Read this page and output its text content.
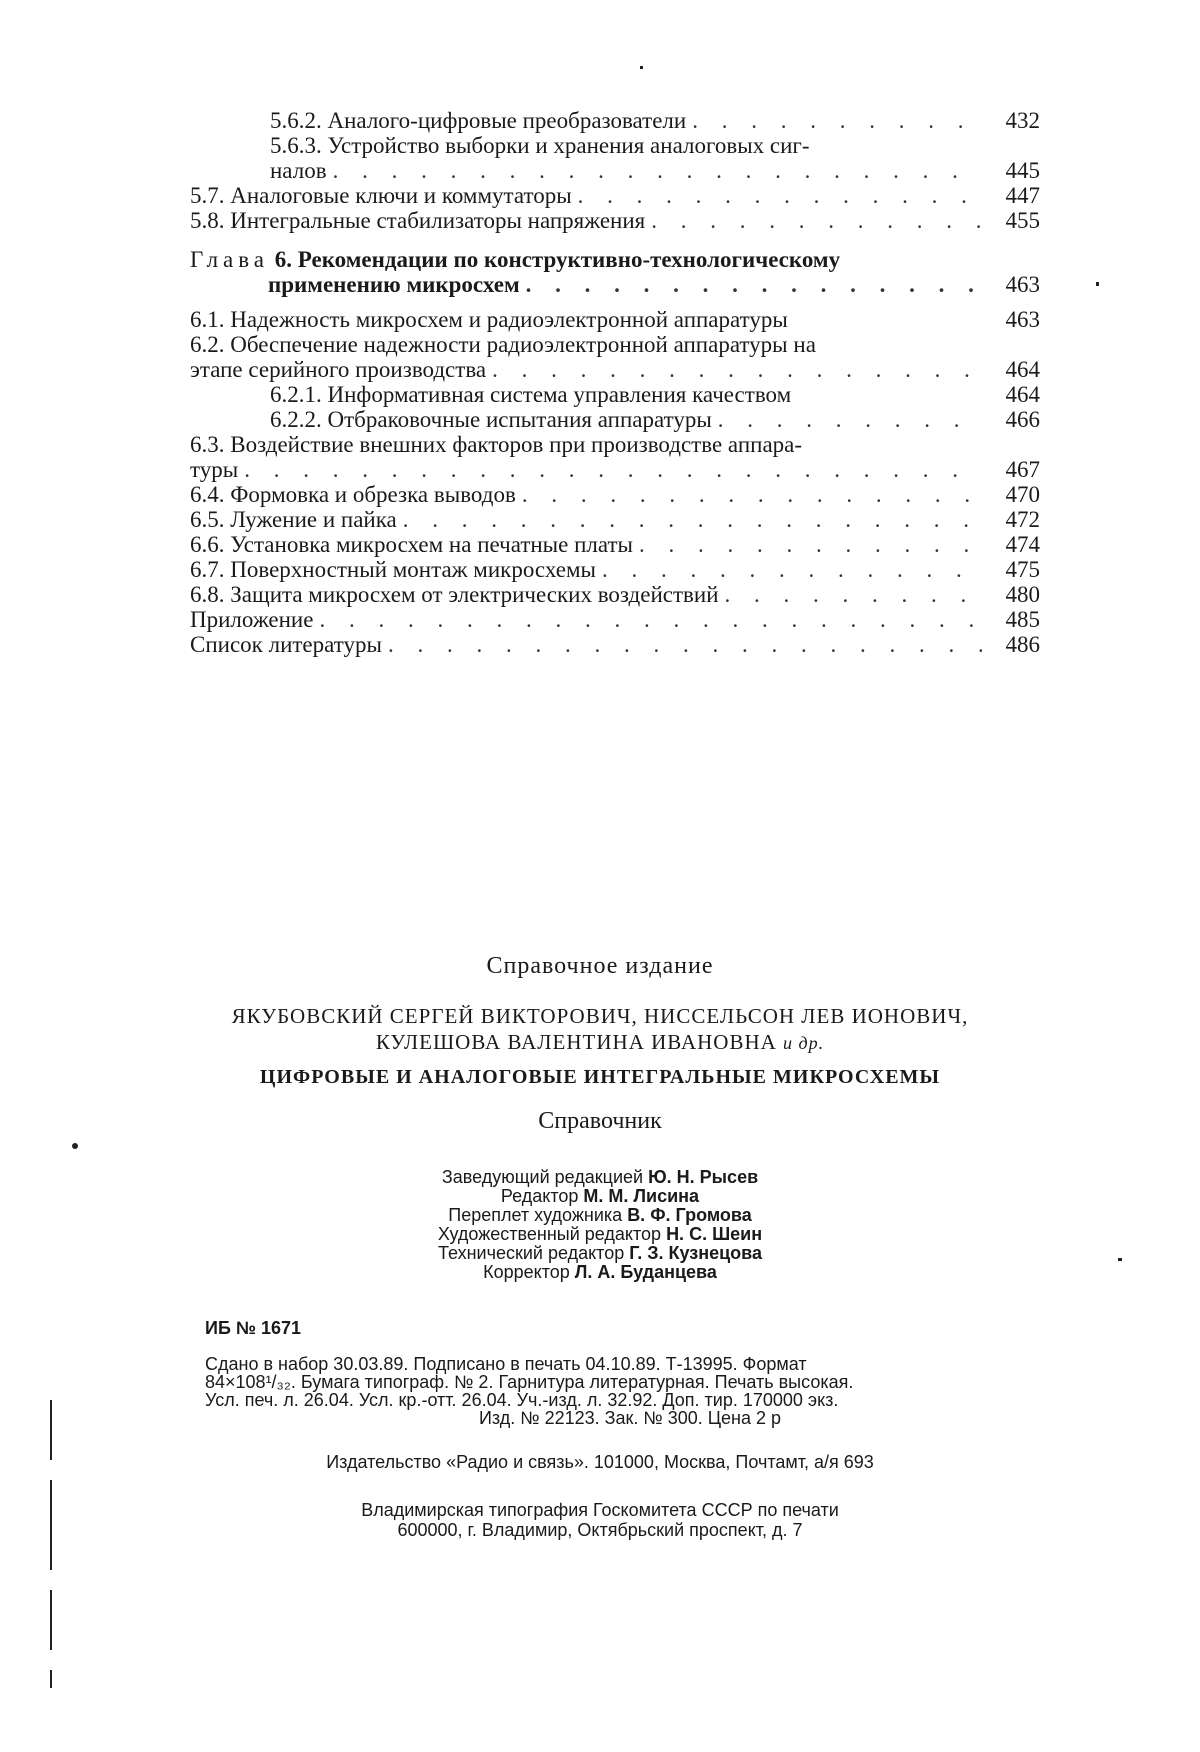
5.6.2. Аналого-цифровые преобразователи . . .	432
5.6.3. Устройство выборки и хранения аналоговых сиг-
налов . . .	445
5.7. Аналоговые ключи и коммутаторы . . .	447
5.8. Интегральные стабилизаторы напряжения . . .	455
Глава 6. Рекомендации по конструктивно-технологическому
применению микросхем . . .	463
6.1. Надежность микросхем и радиоэлектронной аппаратуры	463
6.2. Обеспечение надежности радиоэлектронной аппаратуры на
этапе серийного производства . . .	464
6.2.1. Информативная система управления качеством	464
6.2.2. Отбраковочные испытания аппаратуры . . .	466
6.3. Воздействие внешних факторов при производстве аппара-
туры . . .	467
6.4. Формовка и обрезка выводов . . .	470
6.5. Лужение и пайка . . .	472
6.6. Установка микросхем на печатные платы . . .	474
6.7. Поверхностный монтаж микросхемы . . .	475
6.8. Защита микросхем от электрических воздействий . . .	480
Приложение . . .	485
Список литературы . . .	486
Справочное издание
ЯКУБОВСКИЙ СЕРГЕЙ ВИКТОРОВИЧ, НИССЕЛЬСОН ЛЕВ ИОНОВИЧ,
КУЛЕШОВА ВАЛЕНТИНА ИВАНОВНА и др.
ЦИФРОВЫЕ И АНАЛОГОВЫЕ ИНТЕГРАЛЬНЫЕ МИКРОСХЕМЫ
Справочник
Заведующий редакцией Ю. Н. Рысев
Редактор М. М. Лисина
Переплет художника В. Ф. Громова
Художественный редактор Н. С. Шеин
Технический редактор Г. З. Кузнецова
Корректор Л. А. Буданцева
ИБ № 1671
Сдано в набор 30.03.89. Подписано в печать 04.10.89. Т-13995. Формат
84×108¹/₃₂. Бумага типограф. № 2. Гарнитура литературная. Печать высокая.
Усл. печ. л. 26.04. Усл. кр.-отт. 26.04. Уч.-изд. л. 32.92. Доп. тир. 170000 экз.
Изд. № 22123. Зак. № 300. Цена 2 р
Издательство «Радио и связь». 101000, Москва, Почтамт, а/я 693
Владимирская типография Госкомитета СССР по печати
600000, г. Владимир, Октябрьский проспект, д. 7
